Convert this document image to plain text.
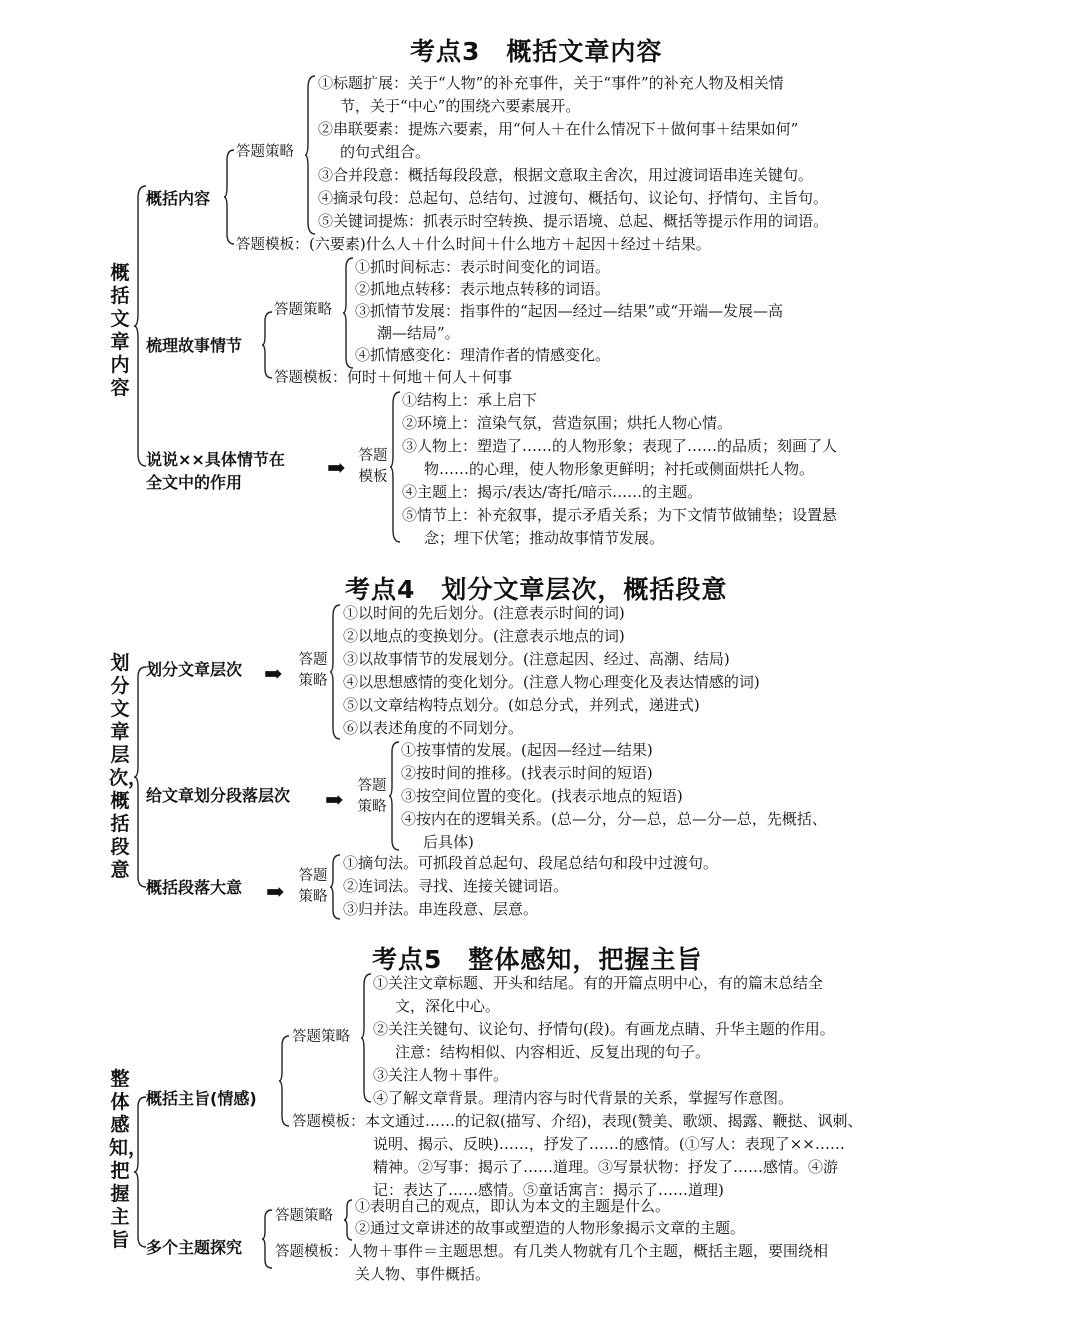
考点3　概括文章内容
概括文章内容
概括内容
答题策略
①标题扩展：关于“人物”的补充事件，关于“事件”的补充人物及相关情
节，关于“中心”的围绕六要素展开。
②串联要素：提炼六要素，用“何人＋在什么情况下＋做何事＋结果如何”
的句式组合。
③合并段意：概括每段段意，根据文意取主舍次，用过渡词语串连关键句。
④摘录句段：总起句、总结句、过渡句、概括句、议论句、抒情句、主旨句。
⑤关键词提炼：抓表示时空转换、提示语境、总起、概括等提示作用的词语。
答题模板：(六要素)什么人＋什么时间＋什么地方＋起因＋经过＋结果。
梳理故事情节
答题策略
①抓时间标志：表示时间变化的词语。
②抓地点转移：表示地点转移的词语。
③抓情节发展：指事件的“起因—经过—结果”或“开端—发展—高
潮—结局”。
④抓情感变化：理清作者的情感变化。
答题模板：何时＋何地＋何人＋何事
说说××具体情节在
全文中的作用
➡ 答题模板
①结构上：承上启下
②环境上：渲染气氛，营造氛围；烘托人物心情。
③人物上：塑造了……的人物形象；表现了……的品质；刻画了人
物……的心理，使人物形象更鲜明；衬托或侧面烘托人物。
④主题上：揭示/表达/寄托/暗示……的主题。
⑤情节上：补充叙事，提示矛盾关系；为下文情节做铺垫；设置悬
念；埋下伏笔；推动故事情节发展。
考点4　划分文章层次，概括段意
划分文章层次，概括段意
划分文章层次 ➡
答题策略
①以时间的先后划分。(注意表示时间的词)
②以地点的变换划分。(注意表示地点的词)
③以故事情节的发展划分。(注意起因、经过、高潮、结局)
④以思想感情的变化划分。(注意人物心理变化及表达情感的词)
⑤以文章结构特点划分。(如总分式，并列式，递进式)
⑥以表述角度的不同划分。
给文章划分段落层次 ➡
答题策略
①按事情的发展。(起因—经过—结果)
②按时间的推移。(找表示时间的短语)
③按空间位置的变化。(找表示地点的短语)
④按内在的逻辑关系。(总—分，分—总，总—分—总，先概括、
后具体)
概括段落大意 ➡
答题策略
①摘句法。可抓段首总起句、段尾总结句和段中过渡句。
②连词法。寻找、连接关键词语。
③归并法。串连段意、层意。
考点5　整体感知，把握主旨
整体感知，把握主旨
概括主旨(情感)
答题策略
①关注文章标题、开头和结尾。有的开篇点明中心，有的篇末总结全
文，深化中心。
②关注关键句、议论句、抒情句(段)。有画龙点睛、升华主题的作用。
注意：结构相似、内容相近、反复出现的句子。
③关注人物＋事件。
④了解文章背景。理清内容与时代背景的关系，掌握写作意图。
答题模板：本文通过……的记叙(描写、介绍)，表现(赞美、歌颂、揭露、鞭挞、讽刺、
说明、揭示、反映)……，抒发了……的感情。(①写人：表现了××……
精神。②写事：揭示了……道理。③写景状物：抒发了……感情。④游
记：表达了……感情。⑤童话寓言：揭示了……道理)
多个主题探究
答题策略
①表明自己的观点，即认为本文的主题是什么。
②通过文章讲述的故事或塑造的人物形象揭示文章的主题。
答题模板：人物＋事件＝主题思想。有几类人物就有几个主题，概括主题，要围绕相
关人物、事件概括。
